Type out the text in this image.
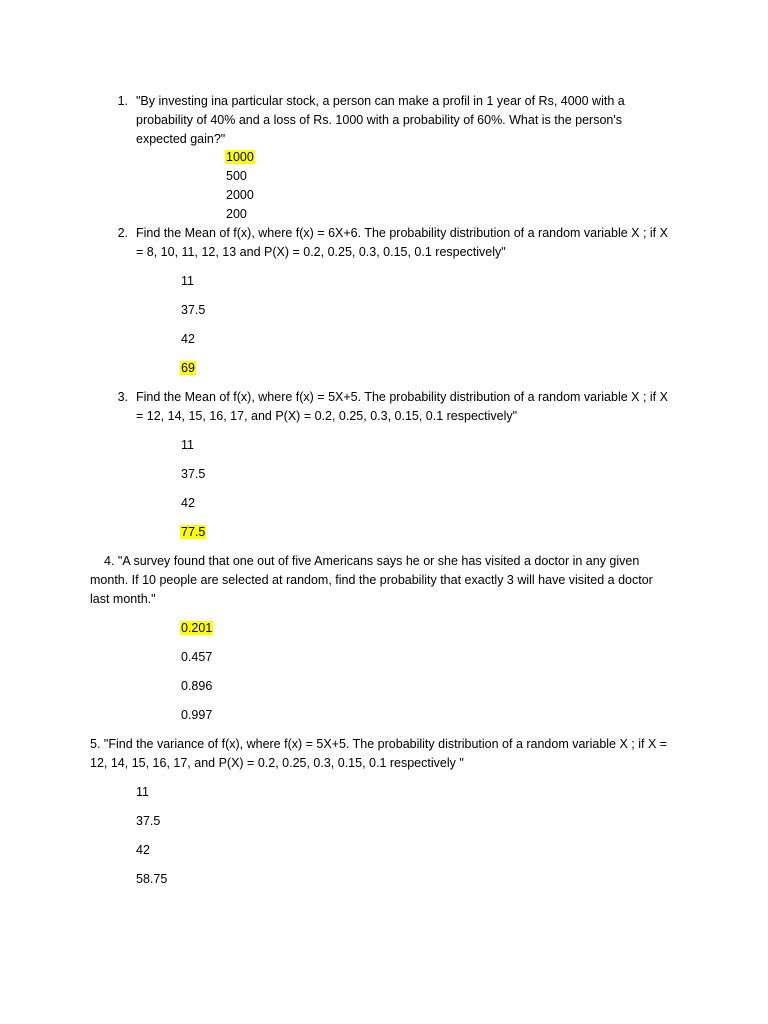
1. "By investing ina particular stock, a person can make a profil in 1 year of Rs, 4000 with a
probability of 40% and a loss of Rs. 1000 with a probability of 60%. What is the person's
expected gain?"
1000
500
2000
200
2. Find the Mean of f(x), where f(x) = 6X+6. The probability distribution of a random variable X ; if X
= 8, 10, 11, 12, 13 and P(X) = 0.2, 0.25, 0.3, 0.15, 0.1 respectively"
11
37.5
42
69
3. Find the Mean of f(x), where f(x) = 5X+5. The probability distribution of a random variable X ; if X
= 12, 14, 15, 16, 17, and P(X) = 0.2, 0.25, 0.3, 0.15, 0.1 respectively"
11
37.5
42
77.5
4. "A survey found that one out of five Americans says he or she has visited a doctor in any given
month. If 10 people are selected at random, find the probability that exactly 3 will have visited a doctor
last month."
0.201
0.457
0.896
0.997
5. "Find the variance of f(x), where f(x) = 5X+5. The probability distribution of a random variable X ; if X =
12, 14, 15, 16, 17, and P(X) = 0.2, 0.25, 0.3, 0.15, 0.1 respectively "
11
37.5
42
58.75
